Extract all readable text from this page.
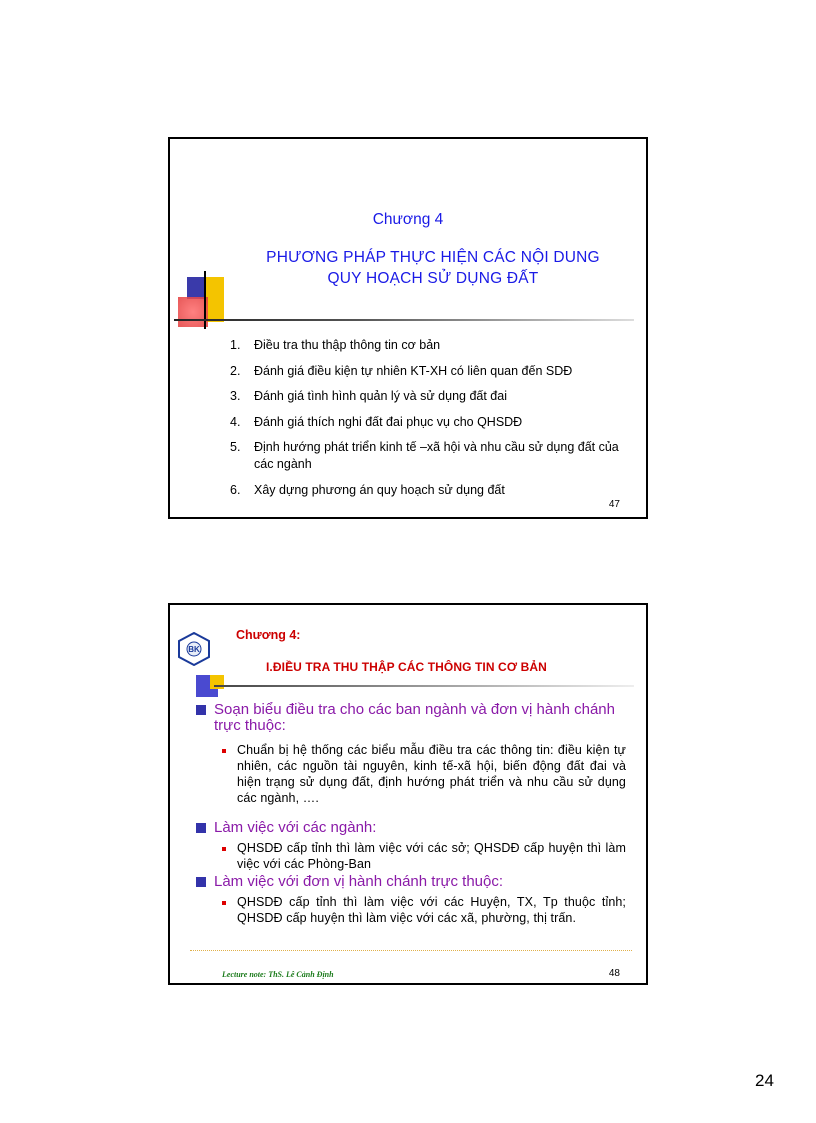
Chương 4
PHƯƠNG PHÁP THỰC HIỆN CÁC NỘI DUNG
QUY HOẠCH SỬ DỤNG ĐẤT
1.	Điều tra thu thập thông tin cơ bản
2.	Đánh giá điều kiện tự nhiên KT-XH có liên quan đến SDĐ
3.	Đánh giá tình hình quản lý và sử dụng đất đai
4.	Đánh giá thích nghi đất đai phục vụ cho QHSDĐ
5.	Định hướng phát triển kinh tế –xã hội và nhu cầu sử dụng đất của các ngành
6.	Xây dựng phương án quy hoạch sử dụng đất
47
BK
Chương 4:
I.ĐIỀU TRA THU THẬP CÁC THÔNG TIN CƠ BẢN
Soạn biểu điều tra cho các ban ngành và đơn vị hành chánh trực thuộc:
Chuẩn bị hệ thống các biểu mẫu điều tra các thông tin: điều kiện tự nhiên, các nguồn tài nguyên, kinh tế-xã hội, biến động đất đai và hiện trạng sử dụng đất, định hướng phát triển và nhu cầu sử dụng các ngành, ….
Làm việc với các ngành:
QHSDĐ cấp tỉnh thì làm việc với các sở; QHSDĐ cấp huyện thì làm việc với các Phòng-Ban
Làm việc với đơn vị hành chánh trực thuộc:
QHSDĐ cấp tỉnh thì làm việc với các Huyện, TX, Tp thuộc tỉnh; QHSDĐ cấp huyện thì làm việc với các xã, phường, thị trấn.
Lecture note: ThS. Lê Cảnh Định	48
24
